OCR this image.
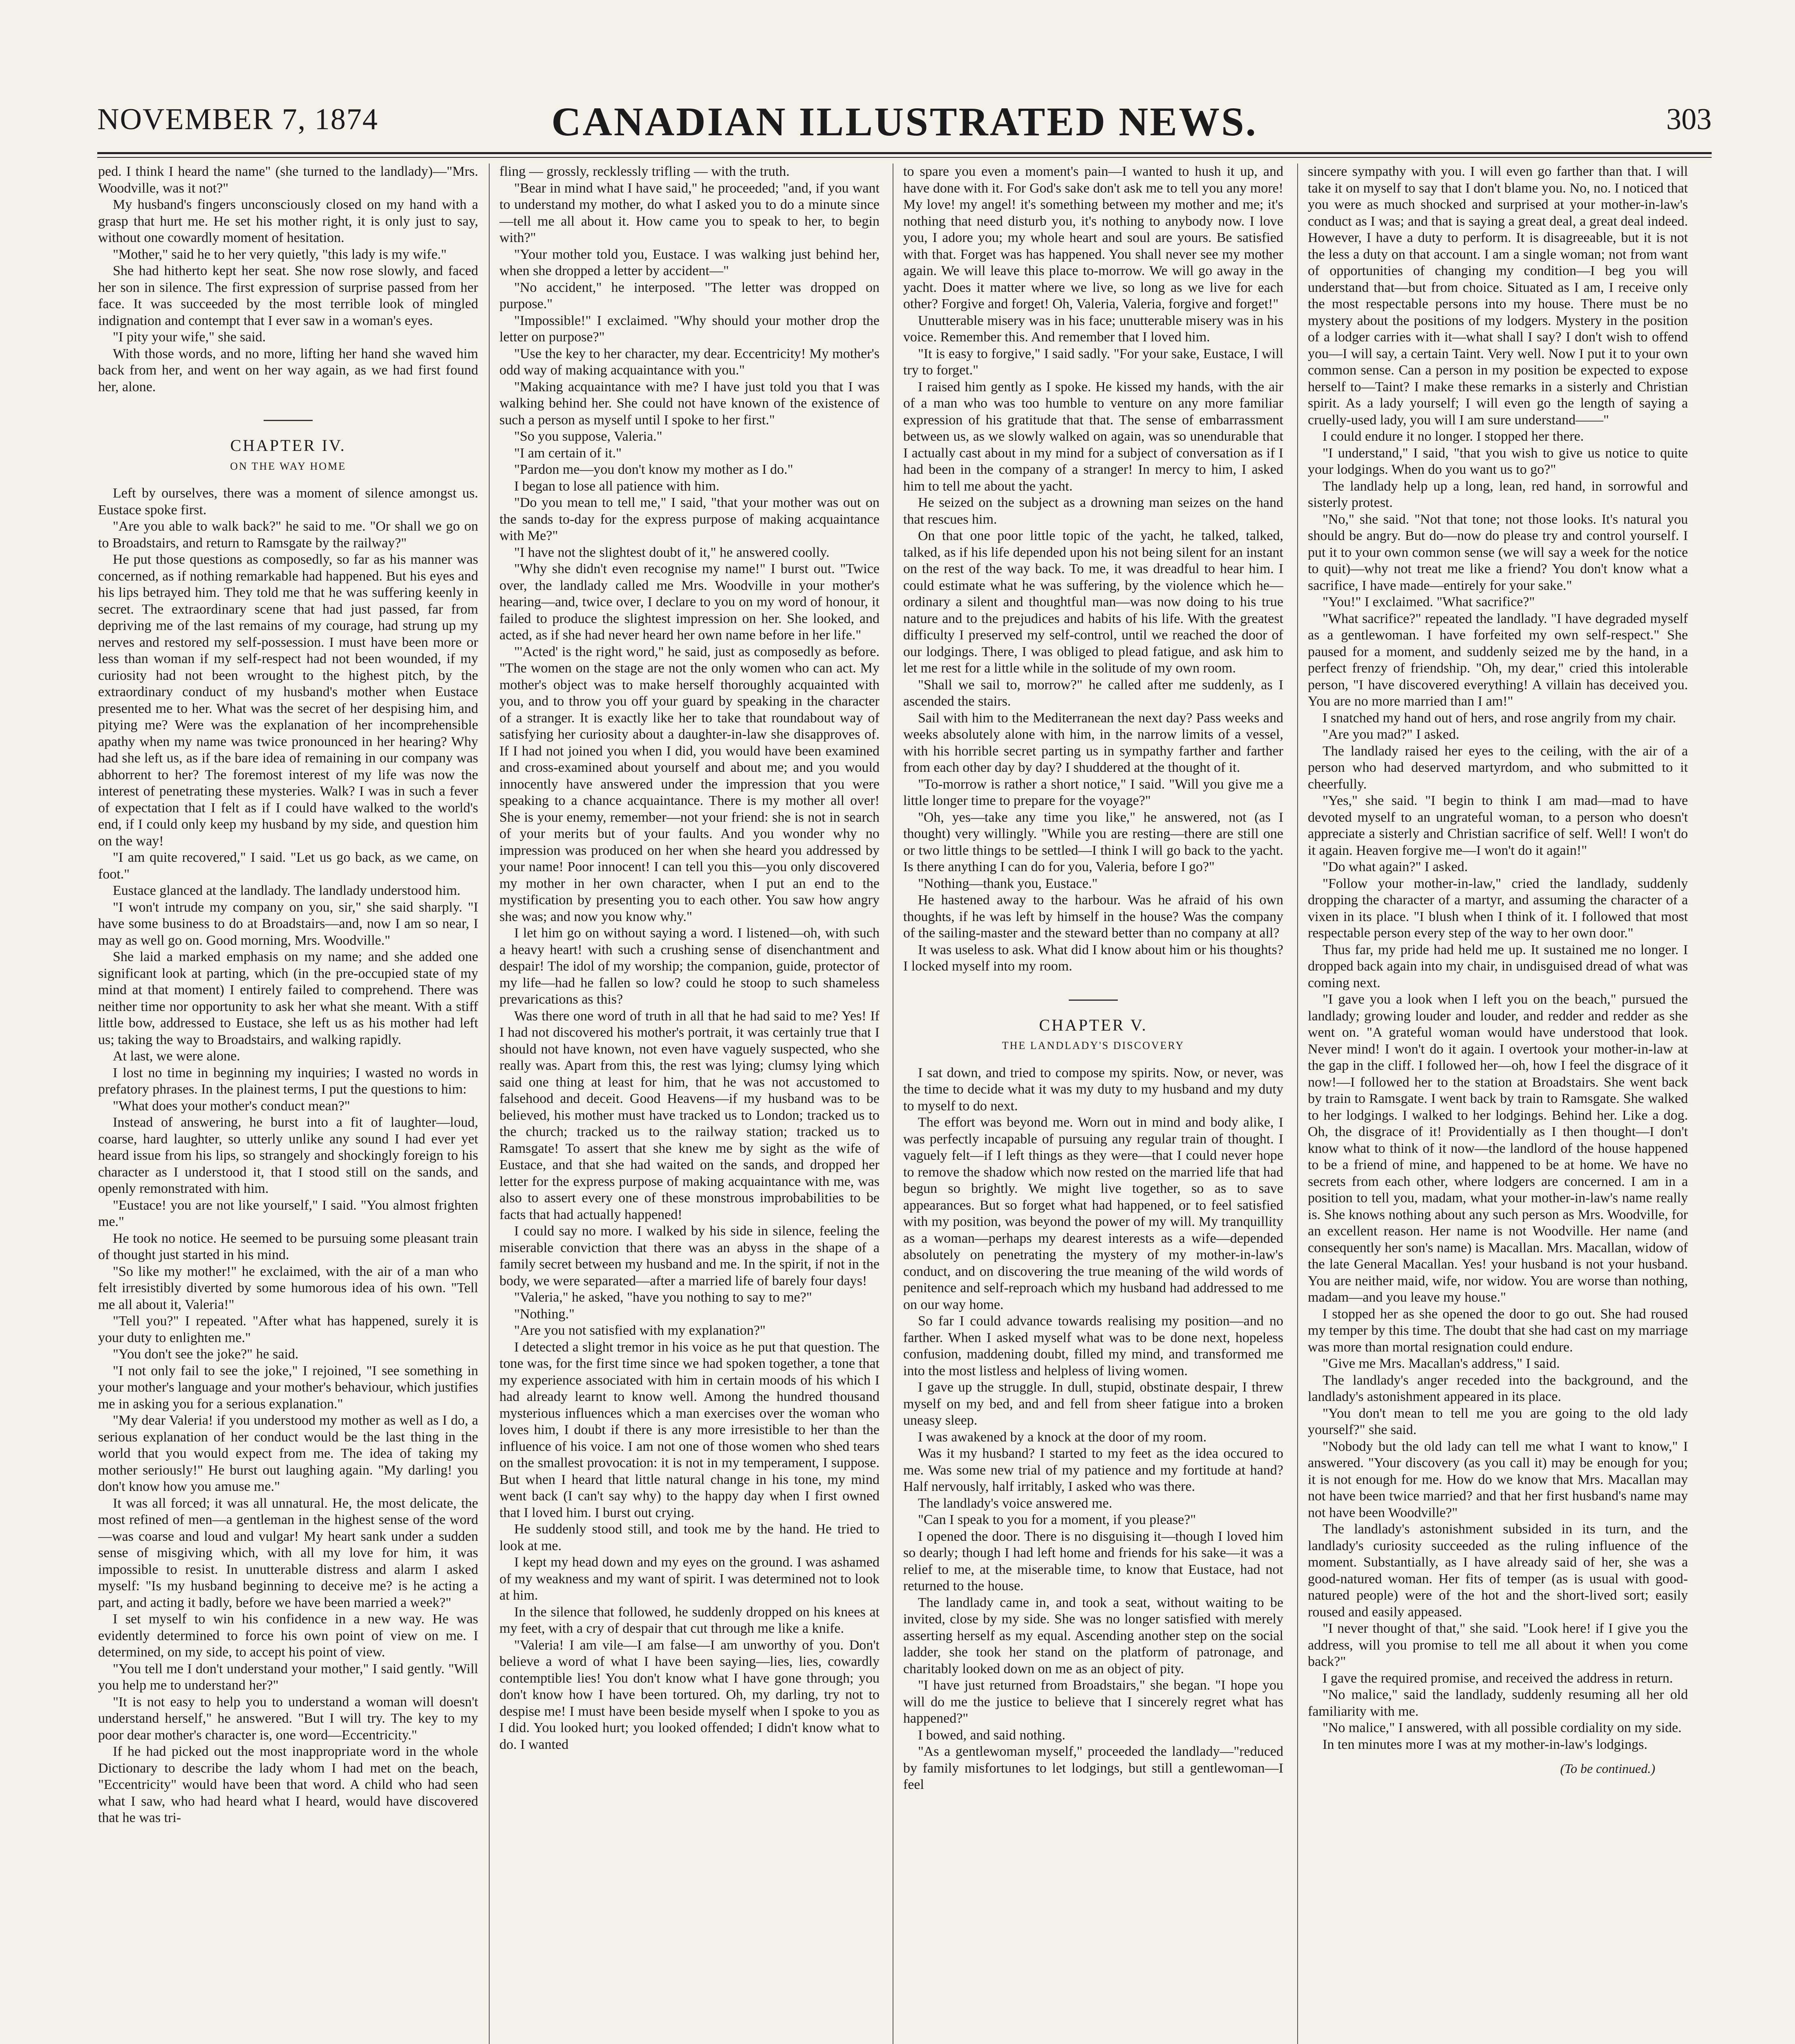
NOVEMBER 7, 1874	CANADIAN ILLUSTRATED NEWS.	303

ped. I think I heard the name" (she turned to the landlady)—"Mrs. Woodville, was it not?"

My husband's fingers unconsciously closed on my hand with a grasp that hurt me. He set his mother right, it is only just to say, without one cowardly moment of hesitation.

"Mother," said he to her very quietly, "this lady is my wife."

She had hitherto kept her seat. She now rose slowly, and faced her son in silence. The first expression of surprise passed from her face. It was succeeded by the most terrible look of mingled indignation and contempt that I ever saw in a woman's eyes.

"I pity your wife," she said.

With those words, and no more, lifting her hand she waved him back from her, and went on her way again, as we had first found her, alone.

CHAPTER IV.

ON THE WAY HOME

Left by ourselves, there was a moment of silence amongst us. Eustace spoke first.

"Are you able to walk back?" he said to me. "Or shall we go on to Broadstairs, and return to Ramsgate by the railway?"

He put those questions as composedly, so far as his manner was concerned, as if nothing remarkable had happened. But his eyes and his lips betrayed him. They told me that he was suffering keenly in secret. The extraordinary scene that had just passed, far from depriving me of the last remains of my courage, had strung up my nerves and restored my self-possession. I must have been more or less than woman if my self-respect had not been wounded, if my curiosity had not been wrought to the highest pitch, by the extraordinary conduct of my husband's mother when Eustace presented me to her. What was the secret of her despising him, and pitying me? Were was the explanation of her incomprehensible apathy when my name was twice pronounced in her hearing? Why had she left us, as if the bare idea of remaining in our company was abhorrent to her? The foremost interest of my life was now the interest of penetrating these mysteries. Walk? I was in such a fever of expectation that I felt as if I could have walked to the world's end, if I could only keep my husband by my side, and question him on the way!

"I am quite recovered," I said. "Let us go back, as we came, on foot."

Eustace glanced at the landlady. The landlady understood him.

"I won't intrude my company on you, sir," she said sharply. "I have some business to do at Broadstairs—and, now I am so near, I may as well go on. Good morning, Mrs. Woodville."

She laid a marked emphasis on my name; and she added one significant look at parting, which (in the pre-occupied state of my mind at that moment) I entirely failed to comprehend. There was neither time nor opportunity to ask her what she meant. With a stiff little bow, addressed to Eustace, she left us as his mother had left us; taking the way to Broadstairs, and walking rapidly.

At last, we were alone.

I lost no time in beginning my inquiries; I wasted no words in prefatory phrases. In the plainest terms, I put the questions to him:

"What does your mother's conduct mean?"

Instead of answering, he burst into a fit of laughter—loud, coarse, hard laughter, so utterly unlike any sound I had ever yet heard issue from his lips, so strangely and shockingly foreign to his character as I understood it, that I stood still on the sands, and openly remonstrated with him.

"Eustace! you are not like yourself," I said. "You almost frighten me."

He took no notice. He seemed to be pursuing some pleasant train of thought just started in his mind.

"So like my mother!" he exclaimed, with the air of a man who felt irresistibly diverted by some humorous idea of his own. "Tell me all about it, Valeria!"

"Tell you?" I repeated. "After what has happened, surely it is your duty to enlighten me."

"You don't see the joke?" he said.

"I not only fail to see the joke," I rejoined, "I see something in your mother's language and your mother's behaviour, which justifies me in asking you for a serious explanation."

"My dear Valeria! if you understood my mother as well as I do, a serious explanation of her conduct would be the last thing in the world that you would expect from me. The idea of taking my mother seriously!" He burst out laughing again. "My darling! you don't know how you amuse me."

It was all forced; it was all unnatural. He, the most delicate, the most refined of men—a gentleman in the highest sense of the word—was coarse and loud and vulgar! My heart sank under a sudden sense of misgiving which, with all my love for him, it was impossible to resist. In unutterable distress and alarm I asked myself: "Is my husband beginning to deceive me? is he acting a part, and acting it badly, before we have been married a week?"

I set myself to win his confidence in a new way. He was evidently determined to force his own point of view on me. I determined, on my side, to accept his point of view.

"You tell me I don't understand your mother," I said gently. "Will you help me to understand her?"

"It is not easy to help you to understand a woman will doesn't understand herself," he answered. "But I will try. The key to my poor dear mother's character is, one word—Eccentricity."

If he had picked out the most inappropriate word in the whole Dictionary to describe the lady whom I had met on the beach, "Eccentricity" would have been that word. A child who had seen what I saw, who had heard what I heard, would have discovered that he was tri-

fling — grossly, recklessly trifling — with the truth.

"Bear in mind what I have said," he proceeded; "and, if you want to understand my mother, do what I asked you to do a minute since—tell me all about it. How came you to speak to her, to begin with?"

"Your mother told you, Eustace. I was walking just behind her, when she dropped a letter by accident—"

"No accident," he interposed. "The letter was dropped on purpose."

"Impossible!" I exclaimed. "Why should your mother drop the letter on purpose?"

"Use the key to her character, my dear. Eccentricity! My mother's odd way of making acquaintance with you."

"Making acquaintance with me? I have just told you that I was walking behind her. She could not have known of the existence of such a person as myself until I spoke to her first."

"So you suppose, Valeria."

"I am certain of it."

"Pardon me—you don't know my mother as I do."

I began to lose all patience with him.

"Do you mean to tell me," I said, "that your mother was out on the sands to-day for the express purpose of making acquaintance with Me?"

"I have not the slightest doubt of it," he answered coolly.

"Why she didn't even recognise my name!" I burst out. "Twice over, the landlady called me Mrs. Woodville in your mother's hearing—and, twice over, I declare to you on my word of honour, it failed to produce the slightest impression on her. She looked, and acted, as if she had never heard her own name before in her life."

"'Acted' is the right word," he said, just as composedly as before. "The women on the stage are not the only women who can act. My mother's object was to make herself thoroughly acquainted with you, and to throw you off your guard by speaking in the character of a stranger. It is exactly like her to take that roundabout way of satisfying her curiosity about a daughter-in-law she disapproves of. If I had not joined you when I did, you would have been examined and cross-examined about yourself and about me; and you would innocently have answered under the impression that you were speaking to a chance acquaintance. There is my mother all over! She is your enemy, remember—not your friend: she is not in search of your merits but of your faults. And you wonder why no impression was produced on her when she heard you addressed by your name! Poor innocent! I can tell you this—you only discovered my mother in her own character, when I put an end to the mystification by presenting you to each other. You saw how angry she was; and now you know why."

I let him go on without saying a word. I listened—oh, with such a heavy heart! with such a crushing sense of disenchantment and despair! The idol of my worship; the companion, guide, protector of my life—had he fallen so low? could he stoop to such shameless prevarications as this?

Was there one word of truth in all that he had said to me? Yes! If I had not discovered his mother's portrait, it was certainly true that I should not have known, not even have vaguely suspected, who she really was. Apart from this, the rest was lying; clumsy lying which said one thing at least for him, that he was not accustomed to falsehood and deceit. Good Heavens—if my husband was to be believed, his mother must have tracked us to London; tracked us to the church; tracked us to the railway station; tracked us to Ramsgate! To assert that she knew me by sight as the wife of Eustace, and that she had waited on the sands, and dropped her letter for the express purpose of making acquaintance with me, was also to assert every one of these monstrous improbabilities to be facts that had actually happened!

I could say no more. I walked by his side in silence, feeling the miserable conviction that there was an abyss in the shape of a family secret between my husband and me. In the spirit, if not in the body, we were separated—after a married life of barely four days!

"Valeria," he asked, "have you nothing to say to me?"

"Nothing."

"Are you not satisfied with my explanation?"

I detected a slight tremor in his voice as he put that question. The tone was, for the first time since we had spoken together, a tone that my experience associated with him in certain moods of his which I had already learnt to know well. Among the hundred thousand mysterious influences which a man exercises over the woman who loves him, I doubt if there is any more irresistible to her than the influence of his voice. I am not one of those women who shed tears on the smallest provocation: it is not in my temperament, I suppose. But when I heard that little natural change in his tone, my mind went back (I can't say why) to the happy day when I first owned that I loved him. I burst out crying.

He suddenly stood still, and took me by the hand. He tried to look at me.

I kept my head down and my eyes on the ground. I was ashamed of my weakness and my want of spirit. I was determined not to look at him.

In the silence that followed, he suddenly dropped on his knees at my feet, with a cry of despair that cut through me like a knife.

"Valeria! I am vile—I am false—I am unworthy of you. Don't believe a word of what I have been saying—lies, lies, cowardly contemptible lies! You don't know what I have gone through; you don't know how I have been tortured. Oh, my darling, try not to despise me! I must have been beside myself when I spoke to you as I did. You looked hurt; you looked offended; I didn't know what to do. I wanted

to spare you even a moment's pain—I wanted to hush it up, and have done with it. For God's sake don't ask me to tell you any more! My love! my angel! it's something between my mother and me; it's nothing that need disturb you, it's nothing to anybody now. I love you, I adore you; my whole heart and soul are yours. Be satisfied with that. Forget was has happened. You shall never see my mother again. We will leave this place to-morrow. We will go away in the yacht. Does it matter where we live, so long as we live for each other? Forgive and forget! Oh, Valeria, Valeria, forgive and forget!"

Unutterable misery was in his face; unutterable misery was in his voice. Remember this. And remember that I loved him.

"It is easy to forgive," I said sadly. "For your sake, Eustace, I will try to forget."

I raised him gently as I spoke. He kissed my hands, with the air of a man who was too humble to venture on any more familiar expression of his gratitude that that. The sense of embarrassment between us, as we slowly walked on again, was so unendurable that I actually cast about in my mind for a subject of conversation as if I had been in the company of a stranger! In mercy to him, I asked him to tell me about the yacht.

He seized on the subject as a drowning man seizes on the hand that rescues him.

On that one poor little topic of the yacht, he talked, talked, talked, as if his life depended upon his not being silent for an instant on the rest of the way back. To me, it was dreadful to hear him. I could estimate what he was suffering, by the violence which he—ordinary a silent and thoughtful man—was now doing to his true nature and to the prejudices and habits of his life. With the greatest difficulty I preserved my self-control, until we reached the door of our lodgings. There, I was obliged to plead fatigue, and ask him to let me rest for a little while in the solitude of my own room.

"Shall we sail to, morrow?" he called after me suddenly, as I ascended the stairs.

Sail with him to the Mediterranean the next day? Pass weeks and weeks absolutely alone with him, in the narrow limits of a vessel, with his horrible secret parting us in sympathy farther and farther from each other day by day? I shuddered at the thought of it.

"To-morrow is rather a short notice," I said. "Will you give me a little longer time to prepare for the voyage?"

"Oh, yes—take any time you like," he answered, not (as I thought) very willingly. "While you are resting—there are still one or two little things to be settled—I think I will go back to the yacht. Is there anything I can do for you, Valeria, before I go?"

"Nothing—thank you, Eustace."

He hastened away to the harbour. Was he afraid of his own thoughts, if he was left by himself in the house? Was the company of the sailing-master and the steward better than no company at all?

It was useless to ask. What did I know about him or his thoughts? I locked myself into my room.

CHAPTER V.

THE LANDLADY'S DISCOVERY

I sat down, and tried to compose my spirits. Now, or never, was the time to decide what it was my duty to my husband and my duty to myself to do next.

The effort was beyond me. Worn out in mind and body alike, I was perfectly incapable of pursuing any regular train of thought. I vaguely felt—if I left things as they were—that I could never hope to remove the shadow which now rested on the married life that had begun so brightly. We might live together, so as to save appearances. But so forget what had happened, or to feel satisfied with my position, was beyond the power of my will. My tranquillity as a woman—perhaps my dearest interests as a wife—depended absolutely on penetrating the mystery of my mother-in-law's conduct, and on discovering the true meaning of the wild words of penitence and self-reproach which my husband had addressed to me on our way home.

So far I could advance towards realising my position—and no farther. When I asked myself what was to be done next, hopeless confusion, maddening doubt, filled my mind, and transformed me into the most listless and helpless of living women.

I gave up the struggle. In dull, stupid, obstinate despair, I threw myself on my bed, and and fell from sheer fatigue into a broken uneasy sleep.

I was awakened by a knock at the door of my room.

Was it my husband? I started to my feet as the idea occured to me. Was some new trial of my patience and my fortitude at hand? Half nervously, half irritably, I asked who was there.

The landlady's voice answered me.

"Can I speak to you for a moment, if you please?"

I opened the door. There is no disguising it—though I loved him so dearly; though I had left home and friends for his sake—it was a relief to me, at the miserable time, to know that Eustace, had not returned to the house.

The landlady came in, and took a seat, without waiting to be invited, close by my side. She was no longer satisfied with merely asserting herself as my equal. Ascending another step on the social ladder, she took her stand on the platform of patronage, and charitably looked down on me as an object of pity.

"I have just returned from Broadstairs," she began. "I hope you will do me the justice to believe that I sincerely regret what has happened?"

I bowed, and said nothing.

"As a gentlewoman myself," proceeded the landlady—"reduced by family misfortunes to let lodgings, but still a gentlewoman—I feel

sincere sympathy with you. I will even go farther than that. I will take it on myself to say that I don't blame you. No, no. I noticed that you were as much shocked and surprised at your mother-in-law's conduct as I was; and that is saying a great deal, a great deal indeed. However, I have a duty to perform. It is disagreeable, but it is not the less a duty on that account. I am a single woman; not from want of opportunities of changing my condition—I beg you will understand that—but from choice. Situated as I am, I receive only the most respectable persons into my house. There must be no mystery about the positions of my lodgers. Mystery in the position of a lodger carries with it—what shall I say? I don't wish to offend you—I will say, a certain Taint. Very well. Now I put it to your own common sense. Can a person in my position be expected to expose herself to—Taint? I make these remarks in a sisterly and Christian spirit. As a lady yourself; I will even go the length of saying a cruelly-used lady, you will I am sure understand——"

I could endure it no longer. I stopped her there.

"I understand," I said, "that you wish to give us notice to quite your lodgings. When do you want us to go?"

The landlady help up a long, lean, red hand, in sorrowful and sisterly protest.

"No," she said. "Not that tone; not those looks. It's natural you should be angry. But do—now do please try and control yourself. I put it to your own common sense (we will say a week for the notice to quit)—why not treat me like a friend? You don't know what a sacrifice, I have made—entirely for your sake."

"You!" I exclaimed. "What sacrifice?"

"What sacrifice?" repeated the landlady. "I have degraded myself as a gentlewoman. I have forfeited my own self-respect." She paused for a moment, and suddenly seized me by the hand, in a perfect frenzy of friendship. "Oh, my dear," cried this intolerable person, "I have discovered everything! A villain has deceived you. You are no more married than I am!"

I snatched my hand out of hers, and rose angrily from my chair.

"Are you mad?" I asked.

The landlady raised her eyes to the ceiling, with the air of a person who had deserved martyrdom, and who submitted to it cheerfully.

"Yes," she said. "I begin to think I am mad—mad to have devoted myself to an ungrateful woman, to a person who doesn't appreciate a sisterly and Christian sacrifice of self. Well! I won't do it again. Heaven forgive me—I won't do it again!"

"Do what again?" I asked.

"Follow your mother-in-law," cried the landlady, suddenly dropping the character of a martyr, and assuming the character of a vixen in its place. "I blush when I think of it. I followed that most respectable person every step of the way to her own door."

Thus far, my pride had held me up. It sustained me no longer. I dropped back again into my chair, in undisguised dread of what was coming next.

"I gave you a look when I left you on the beach," pursued the landlady; growing louder and louder, and redder and redder as she went on. "A grateful woman would have understood that look. Never mind! I won't do it again. I overtook your mother-in-law at the gap in the cliff. I followed her—oh, how I feel the disgrace of it now!—I followed her to the station at Broadstairs. She went back by train to Ramsgate. I went back by train to Ramsgate. She walked to her lodgings. I walked to her lodgings. Behind her. Like a dog. Oh, the disgrace of it! Providentially as I then thought—I don't know what to think of it now—the landlord of the house happened to be a friend of mine, and happened to be at home. We have no secrets from each other, where lodgers are concerned. I am in a position to tell you, madam, what your mother-in-law's name really is. She knows nothing about any such person as Mrs. Woodville, for an excellent reason. Her name is not Woodville. Her name (and consequently her son's name) is Macallan. Mrs. Macallan, widow of the late General Macallan. Yes! your husband is not your husband. You are neither maid, wife, nor widow. You are worse than nothing, madam—and you leave my house."

I stopped her as she opened the door to go out. She had roused my temper by this time. The doubt that she had cast on my marriage was more than mortal resignation could endure.

"Give me Mrs. Macallan's address," I said.

The landlady's anger receded into the background, and the landlady's astonishment appeared in its place.

"You don't mean to tell me you are going to the old lady yourself?" she said.

"Nobody but the old lady can tell me what I want to know," I answered. "Your discovery (as you call it) may be enough for you; it is not enough for me. How do we know that Mrs. Macallan may not have been twice married? and that her first husband's name may not have been Woodville?"

The landlady's astonishment subsided in its turn, and the landlady's curiosity succeeded as the ruling influence of the moment. Substantially, as I have already said of her, she was a good-natured woman. Her fits of temper (as is usual with good-natured people) were of the hot and the short-lived sort; easily roused and easily appeased.

"I never thought of that," she said. "Look here! if I give you the address, will you promise to tell me all about it when you come back?"

I gave the required promise, and received the address in return.

"No malice," said the landlady, suddenly resuming all her old familiarity with me.

"No malice," I answered, with all possible cordiality on my side.

In ten minutes more I was at my mother-in-law's lodgings.

(To be continued.)
